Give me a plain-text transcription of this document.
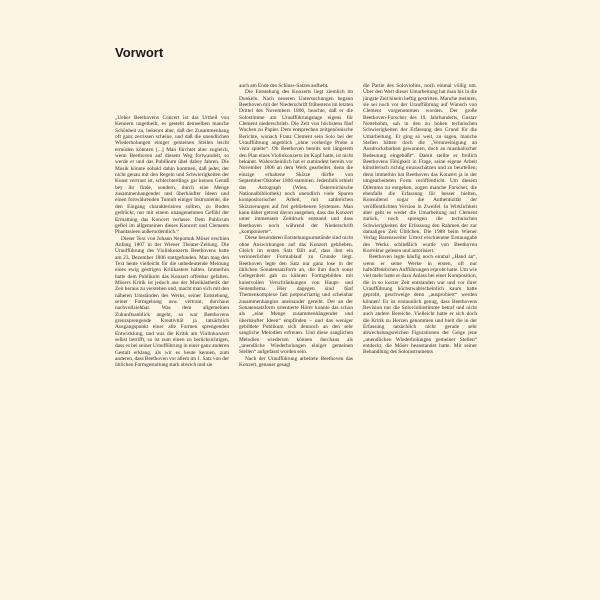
Vorwort

„Ueber Beethovens Concert ist das Urtheil von Kennern ungetheilt, es gesteht demselben manche Schönheit zu, bekennt aber, daß der Zusammenhang oft ganz zerrissen scheine, und daß die unendlichen Wiederholungen einiger gemeinen Stellen leicht ermüden könnten [...] Man fürchtet aber zugleich, wenn Beethoven auf diesem Weg fortwandelt, so werde er und das Publikum übel dabey fahren. Die Musik könnte sobald dahin kommen, daß jeder, der nicht genau mit den Regeln und Schwierigkeiten der Kunst vertraut ist, schlechterdings gar keinen Genuß bey ihr finde, sondern, durch eine Menge zusammenhangender und überhäufter Ideen und einen fortwährenden Tumult einiger Instrumente, die den Eingang charakterisiren sollten, zu Boden gedrückt, nur mit einem unangenehmen Gefühl der Ermattung das Koncert verlasse. Dem Publicum gefiel im allgemeinen dieses Koncert und Clements Phantasieen außerordentlich.“

Dieser Text von Johann Nepomuk Möser erschien Anfang 1807 in der Wiener Theater-Zeitung. Die Uraufführung des Violinkonzerts Beethovens hatte am 23. Dezember 1806 stattgefunden. Man mag den Text heute vielleicht für die unbedeutende Meinung eines ewig gestrigen Kritikasters halten. Immerhin hatte dem Publikum das Konzert offenbar gefallen. Mösers Kritik ist jedoch aus der Musikästhetik der Zeit heraus zu verstehen und, macht man sich mit den näheren Umständen des Werks, seiner Entstehung, seiner Formgebung usw. vertraut, durchaus nachvollziehbar. Was dem allgemeinen Zukunftsanblick angeht, so war Beethovens grenzsprengende Kreativität ja tatsächlich Ausgangspunkt einer alle Formen sprengenden Entwicklung, und was die Kritik am Violinkonzert selbst betrifft, so ist zum einen zu berücksichtigen, dass es bei seiner Uraufführung in einer ganz anderen Gestalt erklang, als wir es heute kennen, zum anderen, dass Beethoven vor allem im 1. Satz von der üblichen Formgestaltung stark abwich und sie

auch am Ende des Schluss-Satzes aufhebt.

Die Entstehung des Konzerts liegt ziemlich im Dunkeln. Nach neueren Untersuchungen begann Beethoven mit der Niederschrift frühestens im letzten Drittel des Novembers 1806, beachte, daß er die Solostimme am Uraufführungstage eigens für Clement niederschrieb. Die Zeit von höchstens fünf Wochen zu Papier. Dem entsprechen zeitgenössische Berichte, wonach Franz Clement sein Solo bei der Uraufführung angeblich „ohne vorherige Probe a vista spielte“. Ob Beethoven bereits seit längerem den Plan eines Violinkonzerts im Kopf hatte, ist nicht bekannt. Wahrscheinlich hat er zumindest bereits vor November 1806 an dem Werk gearbeitet, denn die einzige erhaltene Skizze dürfte von September/Oktober 1806 stammen. Jedenfalls erhielt das Autograph (Wien, Österreichische Nationalbibliothek) noch unendlich viele Spuren kompositorischer Arbeit, mit zahlreichen Skizzierungen auf frei gebliebenen Systemen. Man kann daher getrost davon ausgehen, dass das Konzert unter immensem Zeitdruck entstand und dass Beethoven noch während der Niederschrift „komponierte“.

Diese besonderen Entstehungsumstände sind nicht ohne Auswirkungen auf das Konzert geblieben. Gleich im ersten Satz fällt auf, dass ihm ein verinnerlichter Formablauf zu Grunde liegt. Beethoven legte den Satz nur ganz lose in der üblichen Sonatensatzform an, die ihm doch sonst Gelegenheit gab zu kühnen Formgebilden mit kunstvollen Verschränkungen von Haupt- und Seitenthema. Hier dagegen sind fünf Themenkomplexe fast potpourriartig und scheinbar zusammenhanglos aneinander gereiht. Der an der Sonatensatzform orientierte Hörer konnte das schon als „eine Menge zusammenhängender und überhäufter Ideen“ empfinden – und das weniger gebildete Publikum sich dennoch an den sehr sangliche Melodien erfreuen. Und diese sanglichen Melodien wiederum können durchaus als „unendliche Wiederholungen einiger gemeinen Stellen“ aufgefasst worden sein.

Nach der Uraufführung arbeitete Beethoven das Konzert, genauer gesagt

die Partie des Soloviolins, noch einmal völlig um. Über den Wert dieser Umarbeitung hat man bis in die jüngste Zeit hinein heftig gestritten. Manche meinten, sie sei noch vor der Uraufführung auf Wunsch von Clement vorgenommen worden. Der große Beethoven-Forscher des 19. Jahrhunderts, Gustav Nottebohm, sah in den zu hohen technischen Schwierigkeiten der Erfassung den Grund für die Umarbeitung. Er ging so weit, zu sagen, manche Stellen hätten doch die „Verunreinigung an Ausdrucksbarkeit gewonnen, doch an musikalischer Bedeutung eingebüßt“. Damit stellte er freilich Beethovens Fähigkeit in Frage, seine eigene Arbeit künstlerisch richtig einzuschätzen und zu beurteilen; denn immerhin hat Beethoven das Konzert ja in der umgearbeiteten Form veröffentlicht. Um diesem Dilemma zu entgehen, zogen manche Forscher, die ebenfalls die Erfassung für besser hielten, Konsultend sogar die Authentizität der veröffentlichten Version in Zweifel. In Wirklichkeit aber geht es weder die Umarbeitung auf Clement zurück, noch sprengen die technischen Schwierigkeiten der Erfassung den Rahmen der zur damaligen Zeit Üblichen. Die 1988 beim Wiener Verlag Barensweiter Urtext erschienene Erstausgabe des Werks schließlich wurde von Beethoven Korrektur gelesen und autorisiert.

Beethoven legte häufig noch einmal „Hand an“, wenn er seine Werke in ersten, oft nur halböffentlichen Aufführungen erprobt hatte. Um wie viel mehr hatte er dazu Anlass bei einer Komposition, die in so kurzer Zeit entstanden war und vor ihrer Uraufführung höchstwahrscheinlich kaum hatte geprobt, geschweige denn „ausprobiert“ werden können! Es ist erstaunlich genug, dass Beethovens Revision nur die Soloviolinstimme betraf und nicht auch andere Bereiche. Vielleicht hatte er sich doch die Kritik zu Herzen genommen und hielt die in der Erfassung tatsächlich nicht gerade sehr abwechslungsreichen Figurationen der Geige jene „unendlichen Wiederholungen gemeiner Stellen“ entdeckt, die Möser beanstandet hatte. Mit seiner Behandlung des Soloinstruments
